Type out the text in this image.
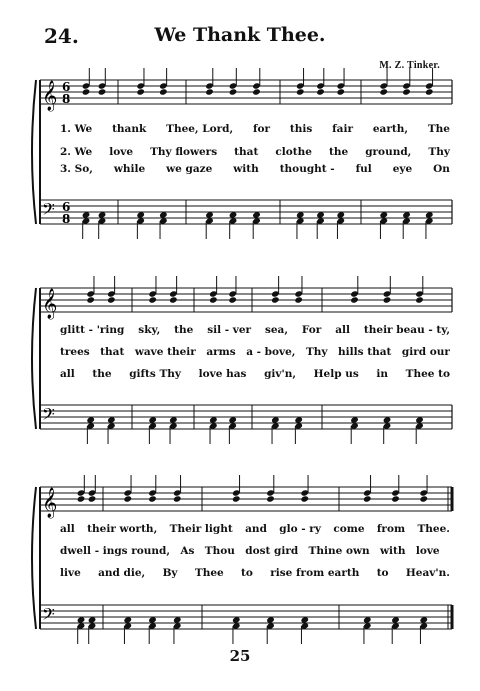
24.	We Thank Thee.
M. Z. Tinker.
𝄞 6
8
𝄢 6
8
𝄞
𝄢
𝄞
𝄢
1. We thank Thee, Lord, for this fair earth, The
2. We love Thy flowers that clothe the ground, Thy
3. So, while we gaze with thought - ful eye On
glitt - 'ring sky, the sil - ver sea, For all their beau - ty,
trees that wave their arms a - bove, Thy hills that gird our
all the gifts Thy love has giv'n, Help us in Thee to
all their worth, Their light and glo - ry come from Thee.
dwell - ings round, As Thou dost gird Thine own with love
live and die, By Thee to rise from earth to Heav'n.
25
